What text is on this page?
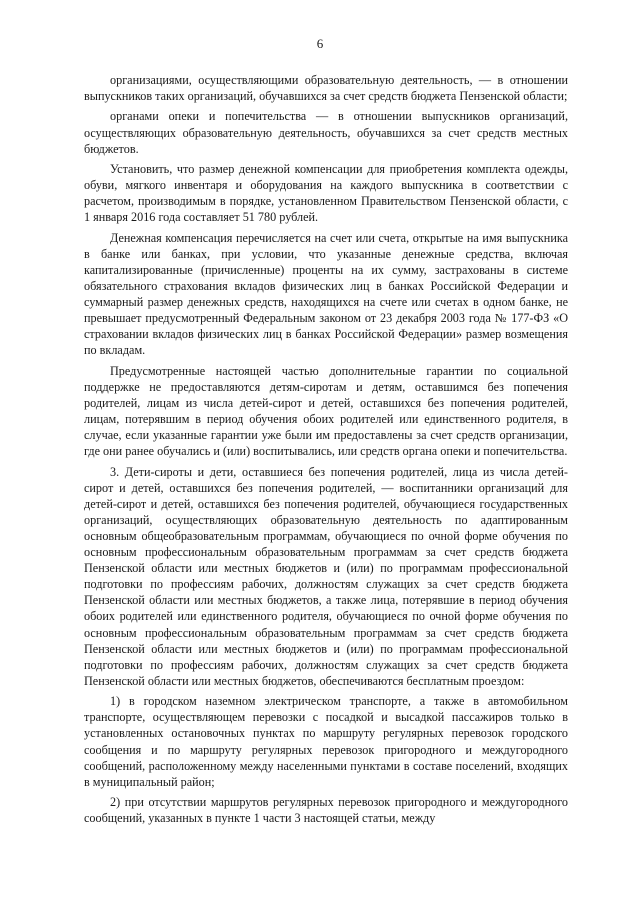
6

организациями, осуществляющими образовательную деятельность, — в отношении выпускников таких организаций, обучавшихся за счет средств бюджета Пензенской области;

органами опеки и попечительства — в отношении выпускников организаций, осуществляющих образовательную деятельность, обучавшихся за счет средств местных бюджетов.

Установить, что размер денежной компенсации для приобретения комплекта одежды, обуви, мягкого инвентаря и оборудования на каждого выпускника в соответствии с расчетом, производимым в порядке, установленном Правительством Пензенской области, с 1 января 2016 года составляет 51 780 рублей.

Денежная компенсация перечисляется на счет или счета, открытые на имя выпускника в банке или банках, при условии, что указанные денежные средства, включая капитализированные (причисленные) проценты на их сумму, застрахованы в системе обязательного страхования вкладов физических лиц в банках Российской Федерации и суммарный размер денежных средств, находящихся на счете или счетах в одном банке, не превышает предусмотренный Федеральным законом от 23 декабря 2003 года № 177-ФЗ «О страховании вкладов физических лиц в банках Российской Федерации» размер возмещения по вкладам.

Предусмотренные настоящей частью дополнительные гарантии по социальной поддержке не предоставляются детям-сиротам и детям, оставшимся без попечения родителей, лицам из числа детей-сирот и детей, оставшихся без попечения родителей, лицам, потерявшим в период обучения обоих родителей или единственного родителя, в случае, если указанные гарантии уже были им предоставлены за счет средств организации, где они ранее обучались и (или) воспитывались, или средств органа опеки и попечительства.

3. Дети-сироты и дети, оставшиеся без попечения родителей, лица из числа детей-сирот и детей, оставшихся без попечения родителей, — воспитанники организаций для детей-сирот и детей, оставшихся без попечения родителей, обучающиеся государственных организаций, осуществляющих образовательную деятельность по адаптированным основным общеобразовательным программам, обучающиеся по очной форме обучения по основным профессиональным образовательным программам за счет средств бюджета Пензенской области или местных бюджетов и (или) по программам профессиональной подготовки по профессиям рабочих, должностям служащих за счет средств бюджета Пензенской области или местных бюджетов, а также лица, потерявшие в период обучения обоих родителей или единственного родителя, обучающиеся по очной форме обучения по основным профессиональным образовательным программам за счет средств бюджета Пензенской области или местных бюджетов и (или) по программам профессиональной подготовки по профессиям рабочих, должностям служащих за счет средств бюджета Пензенской области или местных бюджетов, обеспечиваются бесплатным проездом:

1) в городском наземном электрическом транспорте, а также в автомобильном транспорте, осуществляющем перевозки с посадкой и высадкой пассажиров только в установленных остановочных пунктах по маршруту регулярных перевозок городского сообщения и по маршруту регулярных перевозок пригородного и междугородного сообщений, расположенному между населенными пунктами в составе поселений, входящих в муниципальный район;

2) при отсутствии маршрутов регулярных перевозок пригородного и междугородного сообщений, указанных в пункте 1 части 3 настоящей статьи, между
